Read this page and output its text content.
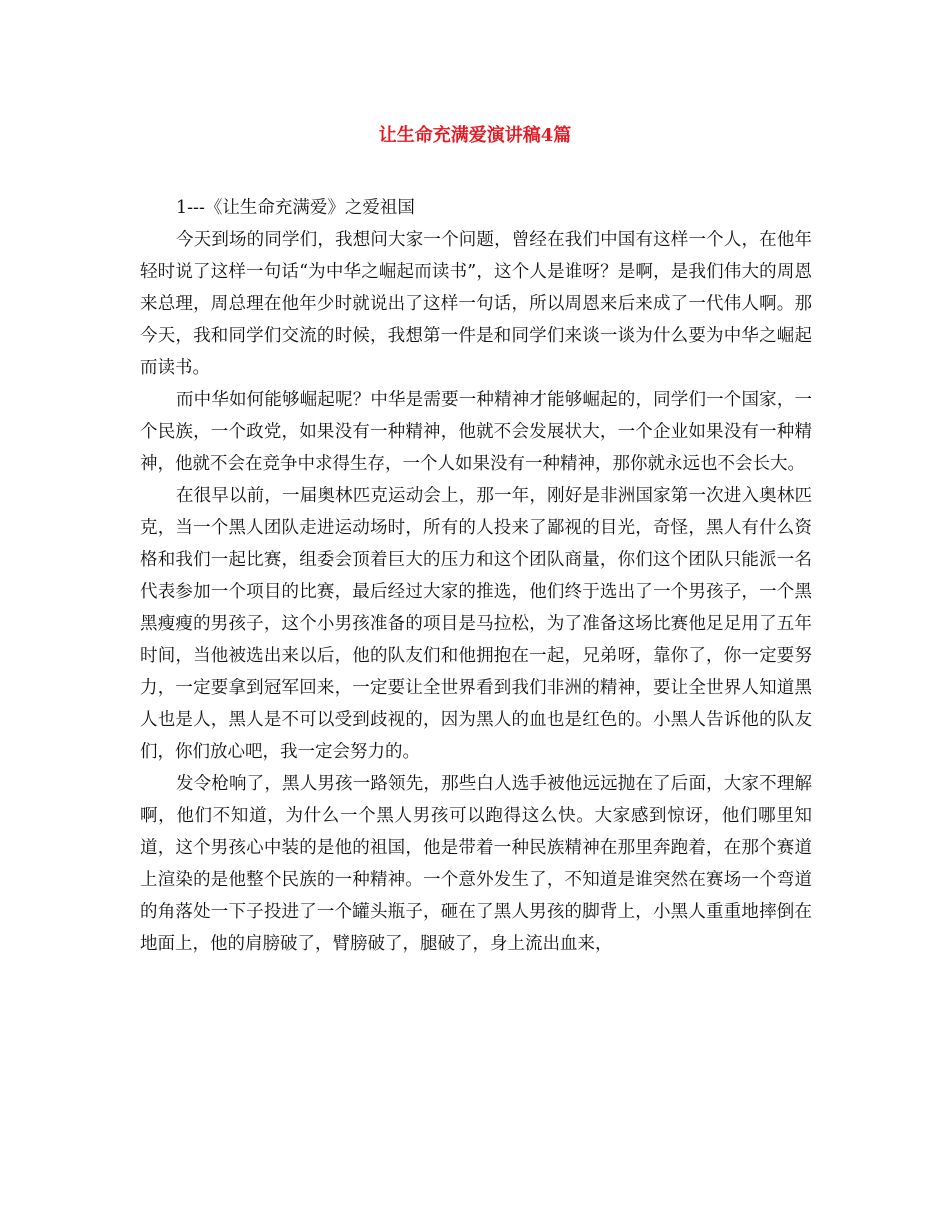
让生命充满爱演讲稿4篇
1---《让生命充满爱》之爱祖国

今天到场的同学们，我想问大家一个问题，曾经在我们中国有这样一个人，在他年轻时说了这样一句话“为中华之崛起而读书”，这个人是谁呀？是啊，是我们伟大的周恩来总理，周总理在他年少时就说出了这样一句话，所以周恩来后来成了一代伟人啊。那今天，我和同学们交流的时候，我想第一件是和同学们来谈一谈为什么要为中华之崛起而读书。

而中华如何能够崛起呢？中华是需要一种精神才能够崛起的，同学们一个国家，一个民族，一个政党，如果没有一种精神，他就不会发展状大，一个企业如果没有一种精神，他就不会在竞争中求得生存，一个人如果没有一种精神，那你就永远也不会长大。

在很早以前，一届奥林匹克运动会上，那一年，刚好是非洲国家第一次进入奥林匹克，当一个黑人团队走进运动场时，所有的人投来了鄙视的目光，奇怪，黑人有什么资格和我们一起比赛，组委会顶着巨大的压力和这个团队商量，你们这个团队只能派一名代表参加一个项目的比赛，最后经过大家的推选，他们终于选出了一个男孩子，一个黑黑瘦瘦的男孩子，这个小男孩准备的项目是马拉松，为了准备这场比赛他足足用了五年时间，当他被选出来以后，他的队友们和他拥抱在一起，兄弟呀，靠你了，你一定要努力，一定要拿到冠军回来，一定要让全世界看到我们非洲的精神，要让全世界人知道黑人也是人，黑人是不可以受到歧视的，因为黑人的血也是红色的。小黑人告诉他的队友们，你们放心吧，我一定会努力的。

发令枪响了，黑人男孩一路领先，那些白人选手被他远远抛在了后面，大家不理解啊，他们不知道，为什么一个黑人男孩可以跑得这么快。大家感到惊讶，他们哪里知道，这个男孩心中装的是他的祖国，他是带着一种民族精神在那里奔跑着，在那个赛道上渲染的是他整个民族的一种精神。一个意外发生了，不知道是谁突然在赛场一个弯道的角落处一下子投进了一个罐头瓶子，砸在了黑人男孩的脚背上，小黑人重重地摔倒在地面上，他的肩膀破了，臂膀破了，腿破了，身上流出血来，
